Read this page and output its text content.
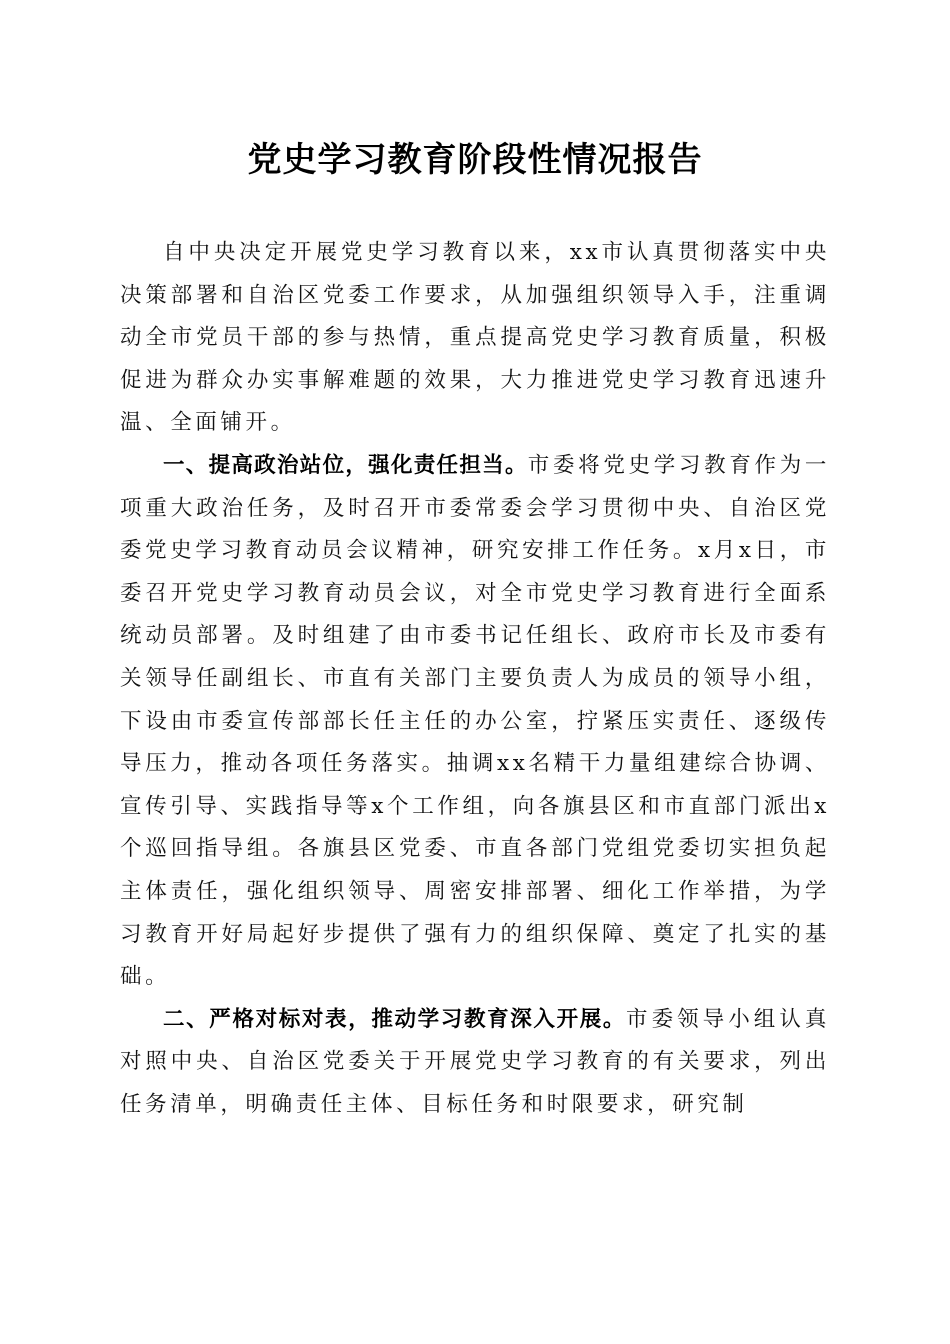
党史学习教育阶段性情况报告

自中央决定开展党史学习教育以来，xx市认真贯彻落实中央决策部署和自治区党委工作要求，从加强组织领导入手，注重调动全市党员干部的参与热情，重点提高党史学习教育质量，积极促进为群众办实事解难题的效果，大力推进党史学习教育迅速升温、全面铺开。

一、提高政治站位，强化责任担当。市委将党史学习教育作为一项重大政治任务，及时召开市委常委会学习贯彻中央、自治区党委党史学习教育动员会议精神，研究安排工作任务。x月x日，市委召开党史学习教育动员会议，对全市党史学习教育进行全面系统动员部署。及时组建了由市委书记任组长、政府市长及市委有关领导任副组长、市直有关部门主要负责人为成员的领导小组，下设由市委宣传部部长任主任的办公室，拧紧压实责任、逐级传导压力，推动各项任务落实。抽调xx名精干力量组建综合协调、宣传引导、实践指导等x个工作组，向各旗县区和市直部门派出x个巡回指导组。各旗县区党委、市直各部门党组党委切实担负起主体责任，强化组织领导、周密安排部署、细化工作举措，为学习教育开好局起好步提供了强有力的组织保障、奠定了扎实的基础。

二、严格对标对表，推动学习教育深入开展。市委领导小组认真对照中央、自治区党委关于开展党史学习教育的有关要求，列出任务清单，明确责任主体、目标任务和时限要求，研究制
